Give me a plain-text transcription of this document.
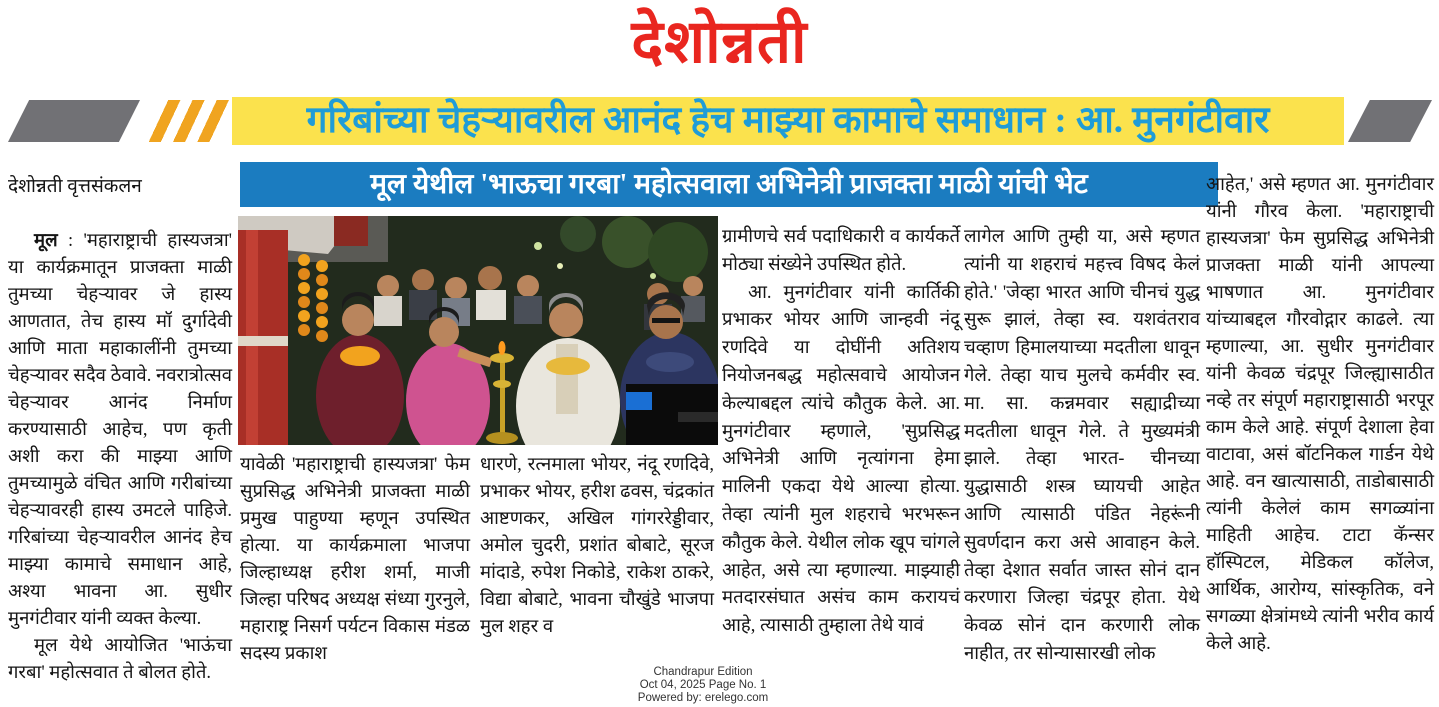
देशोन्नती
गरिबांच्या चेहऱ्यावरील आनंद हेच माझ्या कामाचे समाधान : आ. मुनगंटीवार
मूल येथील 'भाऊचा गरबा' महोत्सवाला अभिनेत्री प्राजक्ता माळी यांची भेट
देशोन्नती वृत्तसंकलन

मूल : 'महाराष्ट्राची हास्यजत्रा' या कार्यक्रमातून प्राजक्ता माळी तुमच्या चेहऱ्यावर जे हास्य आणतात, तेच हास्य मॉ दुर्गादेवी आणि माता महाकालींनी तुमच्या चेहऱ्यावर सदैव ठेवावे. नवरात्रोत्सव चेहऱ्यावर आनंद निर्माण करण्यासाठी आहेच, पण कृती अशी करा की माझ्या आणि तुमच्यामुळे वंचित आणि गरीबांच्या चेहऱ्यावरही हास्य उमटले पाहिजे. गरिबांच्या चेहऱ्यावरील आनंद हेच माझ्या कामाचे समाधान आहे, अश्या भावना आ. सुधीर मुनगंटीवार यांनी व्यक्त केल्या.

मूल येथे आयोजित 'भाऊंचा गरबा' महोत्सवात ते बोलत होते.

यावेळी 'महाराष्ट्राची हास्यजत्रा' फेम सुप्रसिद्ध अभिनेत्री प्राजक्ता माळी प्रमुख पाहुण्या म्हणून उपस्थित होत्या. या कार्यक्रमाला भाजपा जिल्हाध्यक्ष हरीश शर्मा, माजी जिल्हा परिषद अध्यक्ष संध्या गुरनुले, महाराष्ट्र निसर्ग पर्यटन विकास मंडळ सदस्य प्रकाश

धारणे, रत्नमाला भोयर, नंदू रणदिवे, प्रभाकर भोयर, हरीश ढवस, चंद्रकांत आष्टणकर, अखिल गांगररेड्डीवार, अमोल चुदरी, प्रशांत बोबाटे, सूरज मांदाडे, रुपेश निकोडे, राकेश ठाकरे, विद्या बोबाटे, भावना चौखुंडे भाजपा मुल शहर व

ग्रामीणचे सर्व पदाधिकारी व कार्यकर्ते मोठ्या संख्येने उपस्थित होते.

आ. मुनगंटीवार यांनी कार्तिकी प्रभाकर भोयर आणि जान्हवी नंदू रणदिवे या दोघींनी अतिशय नियोजनबद्ध महोत्सवाचे आयोजन केल्याबद्दल त्यांचे कौतुक केले. आ. मुनगंटीवार म्हणाले, 'सुप्रसिद्ध अभिनेत्री आणि नृत्यांगना हेमा मालिनी एकदा येथे आल्या होत्या. तेव्हा त्यांनी मुल शहराचे भरभरून कौतुक केले. येथील लोक खूप चांगले आहेत, असे त्या म्हणाल्या. माझ्याही मतदारसंघात असंच काम करायचं आहे, त्यासाठी तुम्हाला तेथे यावं

लागेल आणि तुम्ही या, असे म्हणत त्यांनी या शहराचं महत्त्व विषद केलं होते.' 'जेव्हा भारत आणि चीनचं युद्ध सुरू झालं, तेव्हा स्व. यशवंतराव चव्हाण हिमालयाच्या मदतीला धावून गेले. तेव्हा याच मुलचे कर्मवीर स्व. मा. सा. कन्नमवार सह्याद्रीच्या मदतीला धावून गेले. ते मुख्यमंत्री झाले. तेव्हा भारत- चीनच्या युद्धासाठी शस्त्र घ्यायची आहेत आणि त्यासाठी पंडित नेहरूंनी सुवर्णदान करा असे आवाहन केले. तेव्हा देशात सर्वात जास्त सोनं दान करणारा जिल्हा चंद्रपूर होता. येथे केवळ सोनं दान करणारी लोक नाहीत, तर सोन्यासारखी लोक

आहेत,' असे म्हणत आ. मुनगंटीवार यांनी गौरव केला. 'महाराष्ट्राची हास्यजत्रा' फेम सुप्रसिद्ध अभिनेत्री प्राजक्ता माळी यांनी आपल्या भाषणात आ. मुनगंटीवार यांच्याबद्दल गौरवोद्गार काढले. त्या म्हणाल्या, आ. सुधीर मुनगंटीवार यांनी केवळ चंद्रपूर जिल्ह्यासाठीत नव्हे तर संपूर्ण महाराष्ट्रासाठी भरपूर काम केले आहे. संपूर्ण देशाला हेवा वाटावा, असं बॉटनिकल गार्डन येथे आहे. वन खात्यासाठी, ताडोबासाठी त्यांनी केलेलं काम सगळ्यांना माहिती आहेच. टाटा कॅन्सर हॉस्पिटल, मेडिकल कॉलेज, आर्थिक, आरोग्य, सांस्कृतिक, वने सगळ्या क्षेत्रांमध्ये त्यांनी भरीव कार्य केले आहे.

Chandrapur Edition
Oct 04, 2025 Page No. 1
Powered by: erelego.com
